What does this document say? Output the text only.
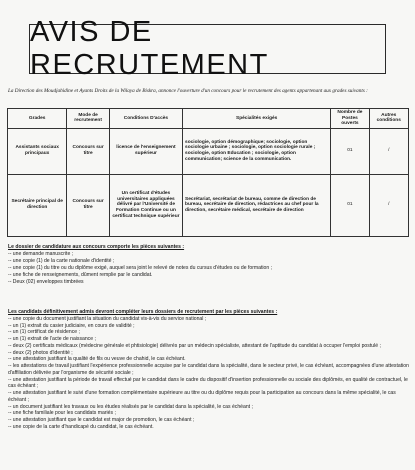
AVIS DE RECRUTEMENT
La Direction des Moudjahidine et Ayants Droits de la Wilaya de Biskra, annonce l'ouverture d'un concours pour le recrutement des agents appartenant aux grades suivants :
Grades	Mode de recrutement	Conditions D'accès	Spécialités exigés	Nombre de Postes ouverts	Autres conditions
Assistants sociaux principaux	Concours sur titre	licence de l'enseignement supérieur	sociologie, option démographique; sociologie, option sociologie urbaine ; sociologie, option sociologie rurale ; sociologie, option Education ; sociologie, option communication; science de la communication.	01	/
Secrétaire principal de direction	Concours sur titre	Un certificat d'études universitaires appliquées délivré par l'Université de Formation Continue ou un certificat technique supérieur	Secrétariat, secrétariat de bureau, comme de direction de bureau, secrétaire de direction, rédactrices au chef pour la direction, secrétaire médical, secrétaire de direction	01	/
Le dossier de candidature aux concours comporte les pièces suivantes :
-- une demande manuscrite ;
-- une copie (1) de la carte nationale d'identité ;
-- une copie (1) du titre ou du diplôme exigé, auquel sera joint le relevé de notes du cursus d'études ou de formation ;
-- une fiche de renseignements, dûment remplie par le candidat.
-- Deux (02) enveloppes timbrées
Les candidats définitivement admis devront compléter leurs dossiers de recrutement par les pièces suivantes :
-- une copie du document justifiant la situation du candidat vis-à-vis du service national ;
-- un (1) extrait du casier judiciaire, en cours de validité ;
-- un (1) certificat de résidence ;
-- un (1) extrait de l'acte de naissance ;
-- deux (2) certificats médicaux (médecine générale et phtisiologie) délivrés par un médecin spécialiste, attestant de l'aptitude du candidat à occuper l'emploi postulé ;
-- deux (2) photos d'identité ;
-- une attestation justifiant la qualité de fils ou veuve de chahid, le cas échéant.
-- les attestations de travail justifiant l'expérience professionnelle acquise par le candidat dans la spécialité, dans le secteur privé, le cas échéant, accompagnées d'une attestation d'affiliation délivrée par l'organisme de sécurité sociale ;
-- une attestation justifiant la période de travail effectué par le candidat dans le cadre du dispositif d'insertion professionnelle ou sociale des diplômés, en qualité de contractuel, le cas échéant ;
-- une attestation justifiant le suivi d'une formation complémentaire supérieure au titre ou du diplôme requis pour la participation au concours dans la même spécialité, le cas échéant ;
-- un document justifiant les travaux ou les études réalisés par le candidat dans la spécialité, le cas échéant ;
-- une fiche familiale pour les candidats mariés ;
-- une attestation justifiant que le candidat est major de promotion, le cas échéant ;
-- une copie de la carte d'handicapé du candidat, le cas échéant.
